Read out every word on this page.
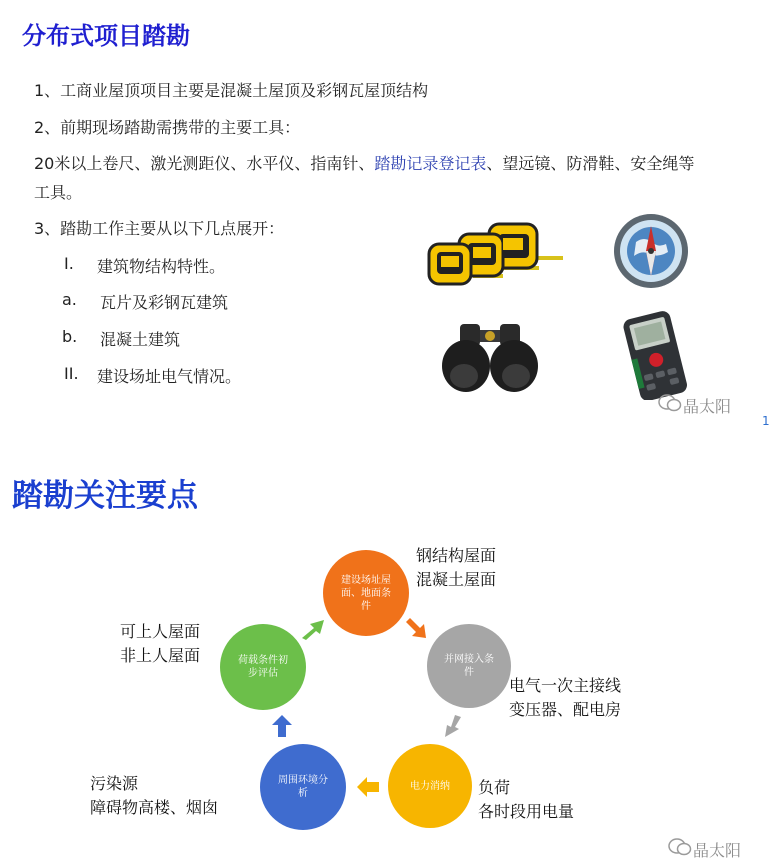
分布式项目踏勘
1、工商业屋顶项目主要是混凝土屋顶及彩钢瓦屋顶结构
2、前期现场踏勘需携带的主要工具：
20米以上卷尺、激光测距仪、水平仪、指南针、踏勘记录登记表、望远镜、防滑鞋、安全绳等
工具。
3、踏勘工作主要从以下几点展开：
I. 建筑物结构特性。
a. 瓦片及彩钢瓦建筑
b. 混凝土建筑
II. 建设场址电气情况。
晶太阳
1
踏勘关注要点
建设场址屋面、地面条件
并网接入条件
电力消纳
周围环境分析
荷载条件初步评估
钢结构屋面
混凝土屋面
电气一次主接线
变压器、配电房
负荷
各时段用电量
污染源
障碍物高楼、烟囱
可上人屋面
非上人屋面
晶太阳
